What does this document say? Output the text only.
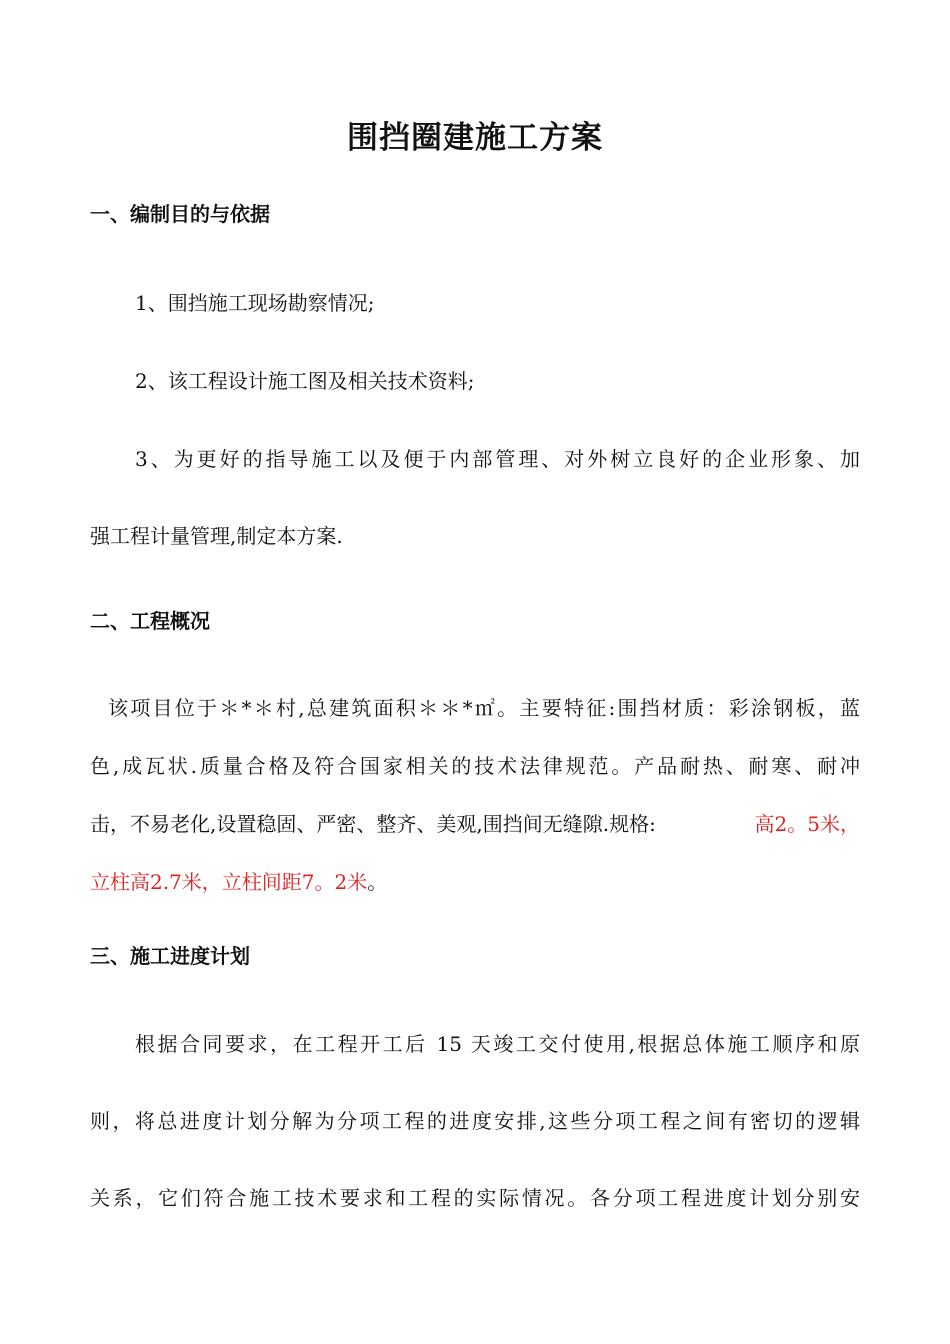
围挡圈建施工方案
一、编制目的与依据
1、围挡施工现场勘察情况;
2、该工程设计施工图及相关技术资料;
3、为更好的指导施工以及便于内部管理、对外树立良好的企业形象、加
强工程计量管理,制定本方案.
二、工程概况
该项目位于＊*＊村,总建筑面积＊＊*㎡。主要特征:围挡材质：彩涂钢板，蓝
色,成瓦状.质量合格及符合国家相关的技术法律规范。产品耐热、耐寒、耐冲
击，不易老化,设置稳固、严密、整齐、美观,围挡间无缝隙.规格:	高2。5米，
立柱高2.7米，立柱间距7。2米。
三、施工进度计划
根据合同要求，在工程开工后 15 天竣工交付使用,根据总体施工顺序和原
则，将总进度计划分解为分项工程的进度安排,这些分项工程之间有密切的逻辑
关系，它们符合施工技术要求和工程的实际情况。各分项工程进度计划分别安
